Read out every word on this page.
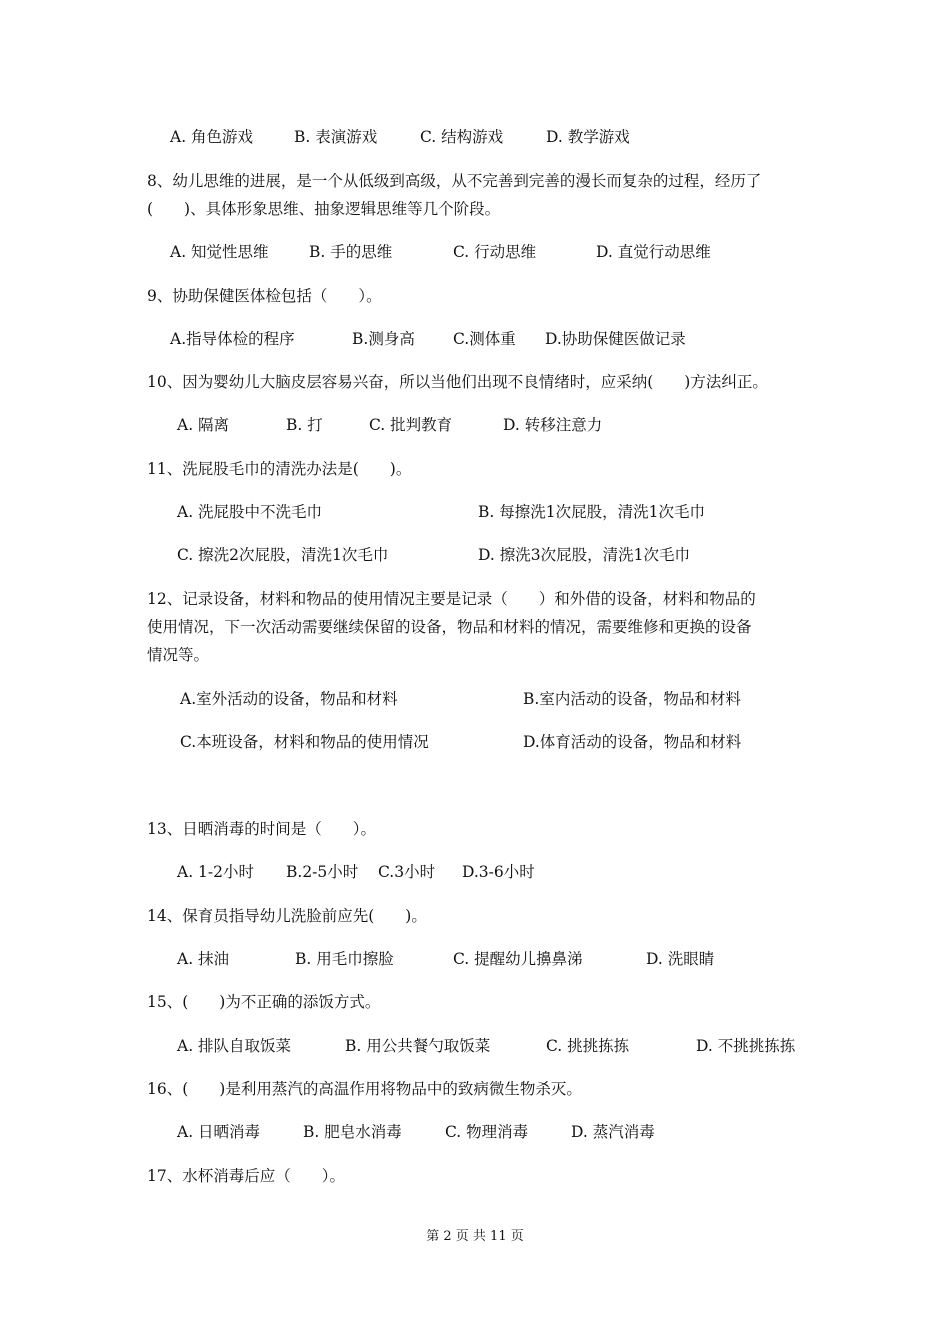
A. 角色游戏	B. 表演游戏	C. 结构游戏	D. 教学游戏
8、幼儿思维的进展，是一个从低级到高级，从不完善到完善的漫长而复杂的过程，经历了
(　　)、具体形象思维、抽象逻辑思维等几个阶段。
A. 知觉性思维	B. 手的思维	C. 行动思维	D. 直觉行动思维
9、协助保健医体检包括（　　）。
A.指导体检的程序	B.测身高 C.测体重 D.协助保健医做记录
10、因为婴幼儿大脑皮层容易兴奋，所以当他们出现不良情绪时，应采纳(　　)方法纠正。
A. 隔离	B. 打	C. 批判教育	D. 转移注意力
11、洗屁股毛巾的清洗办法是(　　)。
A. 洗屁股中不洗毛巾	B. 每擦洗1次屁股，清洗1次毛巾
C. 擦洗2次屁股，清洗1次毛巾	D. 擦洗3次屁股，清洗1次毛巾
12、记录设备，材料和物品的使用情况主要是记录（　　）和外借的设备，材料和物品的
使用情况，下一次活动需要继续保留的设备，物品和材料的情况，需要维修和更换的设备
情况等。
A.室外活动的设备，物品和材料	B.室内活动的设备，物品和材料
C.本班设备，材料和物品的使用情况	D.体育活动的设备，物品和材料
13、日晒消毒的时间是（　　）。
A. 1-2小时 B.2-5小时 C.3小时 D.3-6小时
14、保育员指导幼儿洗脸前应先(　　)。
A. 抹油	B. 用毛巾擦脸	C. 提醒幼儿擤鼻涕	D. 洗眼睛
15、(　　)为不正确的添饭方式。
A. 排队自取饭菜	B. 用公共餐勺取饭菜	C. 挑挑拣拣	D. 不挑挑拣拣
16、(　　)是利用蒸汽的高温作用将物品中的致病微生物杀灭。
A. 日晒消毒	B. 肥皂水消毒	C. 物理消毒	D. 蒸汽消毒
17、水杯消毒后应（　　）。
第 2 页 共 11 页
